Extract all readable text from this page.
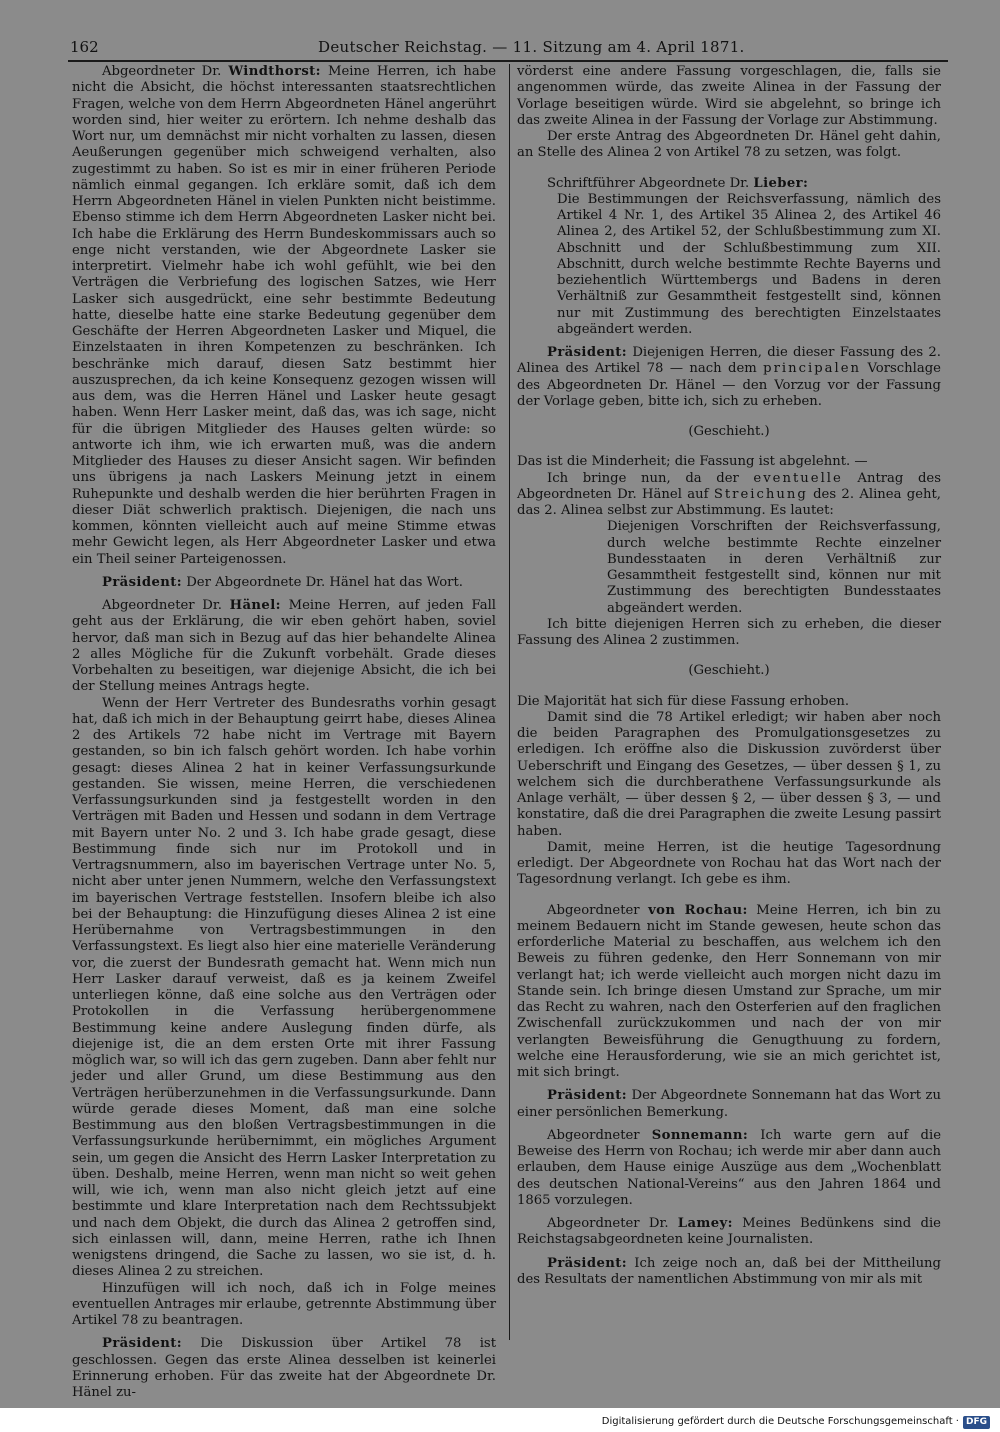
162	Deutscher Reichstag. — 11. Sitzung am 4. April 1871.

Abgeordneter Dr. Windthorst: Meine Herren, ich habe nicht die Absicht, die höchst interessanten staatsrechtlichen Fragen, welche von dem Herrn Abgeordneten Hänel angerührt worden sind, hier weiter zu erörtern. Ich nehme deshalb das Wort nur, um demnächst mir nicht vorhalten zu lassen, diesen Aeußerungen gegenüber mich schweigend verhalten, also zugestimmt zu haben. So ist es mir in einer früheren Periode nämlich einmal gegangen. Ich erkläre somit, daß ich dem Herrn Abgeordneten Hänel in vielen Punkten nicht beistimme. Ebenso stimme ich dem Herrn Abgeordneten Lasker nicht bei. Ich habe die Erklärung des Herrn Bundeskommissars auch so enge nicht verstanden, wie der Abgeordnete Lasker sie interpretirt. Vielmehr habe ich wohl gefühlt, wie bei den Verträgen die Verbriefung des logischen Satzes, wie Herr Lasker sich ausgedrückt, eine sehr bestimmte Bedeutung hatte, dieselbe hatte eine starke Bedeutung gegenüber dem Geschäfte der Herren Abgeordneten Lasker und Miquel, die Einzelstaaten in ihren Kompetenzen zu beschränken. Ich beschränke mich darauf, diesen Satz bestimmt hier auszusprechen, da ich keine Konsequenz gezogen wissen will aus dem, was die Herren Hänel und Lasker heute gesagt haben. Wenn Herr Lasker meint, daß das, was ich sage, nicht für die übrigen Mitglieder des Hauses gelten würde: so antworte ich ihm, wie ich erwarten muß, was die andern Mitglieder des Hauses zu dieser Ansicht sagen. Wir befinden uns übrigens ja nach Laskers Meinung jetzt in einem Ruhepunkte und deshalb werden die hier berührten Fragen in dieser Diät schwerlich praktisch. Diejenigen, die nach uns kommen, könnten vielleicht auch auf meine Stimme etwas mehr Gewicht legen, als Herr Abgeordneter Lasker und etwa ein Theil seiner Parteigenossen.

Präsident: Der Abgeordnete Dr. Hänel hat das Wort.

Abgeordneter Dr. Hänel: Meine Herren, auf jeden Fall geht aus der Erklärung, die wir eben gehört haben, soviel hervor, daß man sich in Bezug auf das hier behandelte Alinea 2 alles Mögliche für die Zukunft vorbehält. Grade dieses Vorbehalten zu beseitigen, war diejenige Absicht, die ich bei der Stellung meines Antrags hegte.

Wenn der Herr Vertreter des Bundesraths vorhin gesagt hat, daß ich mich in der Behauptung geirrt habe, dieses Alinea 2 des Artikels 72 habe nicht im Vertrage mit Bayern gestanden, so bin ich falsch gehört worden. Ich habe vorhin gesagt: dieses Alinea 2 hat in keiner Verfassungsurkunde gestanden. Sie wissen, meine Herren, die verschiedenen Verfassungsurkunden sind ja festgestellt worden in den Verträgen mit Baden und Hessen und sodann in dem Vertrage mit Bayern unter No. 2 und 3. Ich habe grade gesagt, diese Bestimmung finde sich nur im Protokoll und in Vertragsnummern, also im bayerischen Vertrage unter No. 5, nicht aber unter jenen Nummern, welche den Verfassungstext im bayerischen Vertrage feststellen. Insofern bleibe ich also bei der Behauptung: die Hinzufügung dieses Alinea 2 ist eine Herübernahme von Vertragsbestimmungen in den Verfassungstext. Es liegt also hier eine materielle Veränderung vor, die zuerst der Bundesrath gemacht hat. Wenn mich nun Herr Lasker darauf verweist, daß es ja keinem Zweifel unterliegen könne, daß eine solche aus den Verträgen oder Protokollen in die Verfassung herübergenommene Bestimmung keine andere Auslegung finden dürfe, als diejenige ist, die an dem ersten Orte mit ihrer Fassung möglich war, so will ich das gern zugeben. Dann aber fehlt nur jeder und aller Grund, um diese Bestimmung aus den Verträgen herüberzunehmen in die Verfassungsurkunde. Dann würde gerade dieses Moment, daß man eine solche Bestimmung aus den bloßen Vertragsbestimmungen in die Verfassungsurkunde herübernimmt, ein mögliches Argument sein, um gegen die Ansicht des Herrn Lasker Interpretation zu üben. Deshalb, meine Herren, wenn man nicht so weit gehen will, wie ich, wenn man also nicht gleich jetzt auf eine bestimmte und klare Interpretation nach dem Rechtssubjekt und nach dem Objekt, die durch das Alinea 2 getroffen sind, sich einlassen will, dann, meine Herren, rathe ich Ihnen wenigstens dringend, die Sache zu lassen, wo sie ist, d. h. dieses Alinea 2 zu streichen.

Hinzufügen will ich noch, daß ich in Folge meines eventuellen Antrages mir erlaube, getrennte Abstimmung über Artikel 78 zu beantragen.

Präsident: Die Diskussion über Artikel 78 ist geschlossen. Gegen das erste Alinea desselben ist keinerlei Erinnerung erhoben. Für das zweite hat der Abgeordnete Dr. Hänel zu-

vörderst eine andere Fassung vorgeschlagen, die, falls sie angenommen würde, das zweite Alinea in der Fassung der Vorlage beseitigen würde. Wird sie abgelehnt, so bringe ich das zweite Alinea in der Fassung der Vorlage zur Abstimmung.

Der erste Antrag des Abgeordneten Dr. Hänel geht dahin, an Stelle des Alinea 2 von Artikel 78 zu setzen, was folgt.

Schriftführer Abgeordnete Dr. Lieber:

Die Bestimmungen der Reichsverfassung, nämlich des Artikel 4 Nr. 1, des Artikel 35 Alinea 2, des Artikel 46 Alinea 2, des Artikel 52, der Schlußbestimmung zum XI. Abschnitt und der Schlußbestimmung zum XII. Abschnitt, durch welche bestimmte Rechte Bayerns und beziehentlich Württembergs und Badens in deren Verhältniß zur Gesammtheit festgestellt sind, können nur mit Zustimmung des berechtigten Einzelstaates abgeändert werden.

Präsident: Diejenigen Herren, die dieser Fassung des 2. Alinea des Artikel 78 — nach dem principalen Vorschlage des Abgeordneten Dr. Hänel — den Vorzug vor der Fassung der Vorlage geben, bitte ich, sich zu erheben.

(Geschieht.)

Das ist die Minderheit; die Fassung ist abgelehnt. —

Ich bringe nun, da der eventuelle Antrag des Abgeordneten Dr. Hänel auf Streichung des 2. Alinea geht, das 2. Alinea selbst zur Abstimmung. Es lautet:

Diejenigen Vorschriften der Reichsverfassung, durch welche bestimmte Rechte einzelner Bundesstaaten in deren Verhältniß zur Gesammtheit festgestellt sind, können nur mit Zustimmung des berechtigten Bundesstaates abgeändert werden.

Ich bitte diejenigen Herren sich zu erheben, die dieser Fassung des Alinea 2 zustimmen.

(Geschieht.)

Die Majorität hat sich für diese Fassung erhoben.

Damit sind die 78 Artikel erledigt; wir haben aber noch die beiden Paragraphen des Promulgationsgesetzes zu erledigen. Ich eröffne also die Diskussion zuvörderst über Ueberschrift und Eingang des Gesetzes, — über dessen § 1, zu welchem sich die durchberathene Verfassungsurkunde als Anlage verhält, — über dessen § 2, — über dessen § 3, — und konstatire, daß die drei Paragraphen die zweite Lesung passirt haben.

Damit, meine Herren, ist die heutige Tagesordnung erledigt. Der Abgeordnete von Rochau hat das Wort nach der Tagesordnung verlangt. Ich gebe es ihm.

Abgeordneter von Rochau: Meine Herren, ich bin zu meinem Bedauern nicht im Stande gewesen, heute schon das erforderliche Material zu beschaffen, aus welchem ich den Beweis zu führen gedenke, den Herr Sonnemann von mir verlangt hat; ich werde vielleicht auch morgen nicht dazu im Stande sein. Ich bringe diesen Umstand zur Sprache, um mir das Recht zu wahren, nach den Osterferien auf den fraglichen Zwischenfall zurückzukommen und nach der von mir verlangten Beweisführung die Genugthuung zu fordern, welche eine Herausforderung, wie sie an mich gerichtet ist, mit sich bringt.

Präsident: Der Abgeordnete Sonnemann hat das Wort zu einer persönlichen Bemerkung.

Abgeordneter Sonnemann: Ich warte gern auf die Beweise des Herrn von Rochau; ich werde mir aber dann auch erlauben, dem Hause einige Auszüge aus dem „Wochenblatt des deutschen National-Vereins“ aus den Jahren 1864 und 1865 vorzulegen.

Abgeordneter Dr. Lamey: Meines Bedünkens sind die Reichstagsabgeordneten keine Journalisten.

Präsident: Ich zeige noch an, daß bei der Mittheilung des Resultats der namentlichen Abstimmung von mir als mit

Digitalisierung gefördert durch die Deutsche Forschungsgemeinschaft · DFG
